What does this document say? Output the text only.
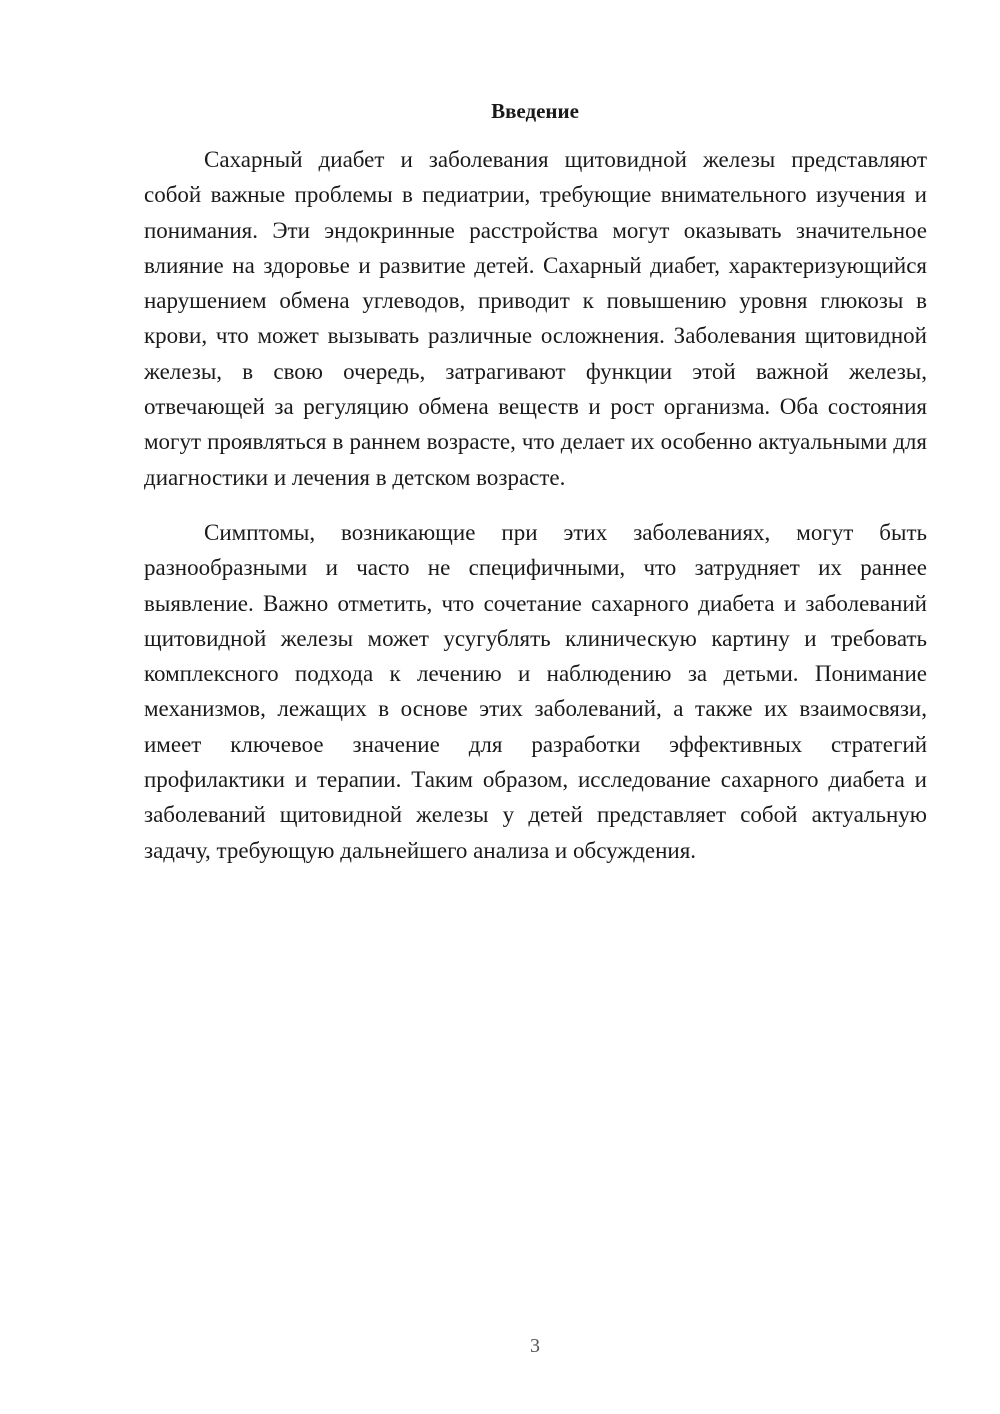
Введение

Сахарный диабет и заболевания щитовидной железы представляют собой важные проблемы в педиатрии, требующие внимательного изучения и понимания. Эти эндокринные расстройства могут оказывать значительное влияние на здоровье и развитие детей. Сахарный диабет, характеризующийся нарушением обмена углеводов, приводит к повышению уровня глюкозы в крови, что может вызывать различные осложнения. Заболевания щитовидной железы, в свою очередь, затрагивают функции этой важной железы, отвечающей за регуляцию обмена веществ и рост организма. Оба состояния могут проявляться в раннем возрасте, что делает их особенно актуальными для диагностики и лечения в детском возрасте.

Симптомы, возникающие при этих заболеваниях, могут быть разнообразными и часто не специфичными, что затрудняет их раннее выявление. Важно отметить, что сочетание сахарного диабета и заболеваний щитовидной железы может усугублять клиническую картину и требовать комплексного подхода к лечению и наблюдению за детьми. Понимание механизмов, лежащих в основе этих заболеваний, а также их взаимосвязи, имеет ключевое значение для разработки эффективных стратегий профилактики и терапии. Таким образом, исследование сахарного диабета и заболеваний щитовидной железы у детей представляет собой актуальную задачу, требующую дальнейшего анализа и обсуждения.

3
